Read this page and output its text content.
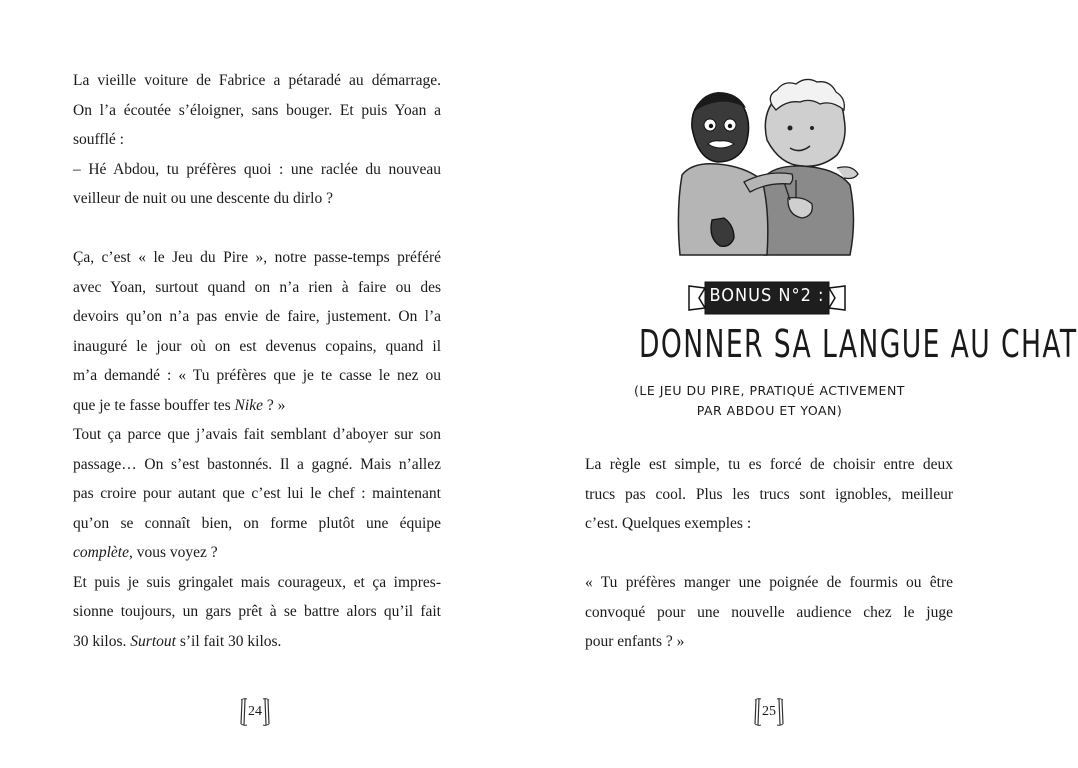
La vieille voiture de Fabrice a pétaradé au démarrage.

On l’a écoutée s’éloigner, sans bouger. Et puis Yoan a

soufflé :

– Hé Abdou, tu préfères quoi : une raclée du nouveau

veilleur de nuit ou une descente du dirlo ?

Ça, c’est « le Jeu du Pire », notre passe-temps préféré

avec Yoan, surtout quand on n’a rien à faire ou des

devoirs qu’on n’a pas envie de faire, justement. On l’a

inauguré le jour où on est devenus copains, quand il

m’a demandé : « Tu préfères que je te casse le nez ou

que je te fasse bouffer tes Nike ? »

Tout ça parce que j’avais fait semblant d’aboyer sur son

passage… On s’est bastonnés. Il a gagné. Mais n’allez

pas croire pour autant que c’est lui le chef : maintenant

qu’on se connaît bien, on forme plutôt une équipe

complète, vous voyez ?

Et puis je suis gringalet mais courageux, et ça impres-

sionne toujours, un gars prêt à se battre alors qu’il fait

30 kilos. Surtout s’il fait 30 kilos.

24
BONUS N°2 :
DONNER SA LANGUE AU CHAT
(LE JEU DU PIRE, PRATIQUÉ ACTIVEMENT
PAR ABDOU ET YOAN)

La règle est simple, tu es forcé de choisir entre deux

trucs pas cool. Plus les trucs sont ignobles, meilleur

c’est. Quelques exemples :

« Tu préfères manger une poignée de fourmis ou être

convoqué pour une nouvelle audience chez le juge

pour enfants ? »

25
